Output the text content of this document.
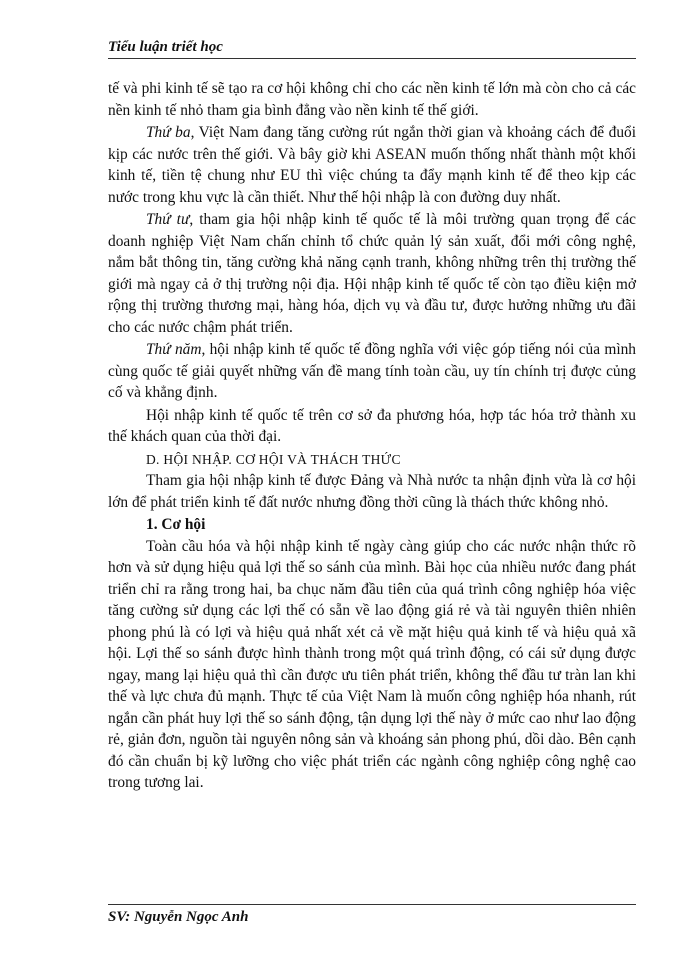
Tiểu luận triết học

tế và phi kinh tế sẽ tạo ra cơ hội không chỉ cho các nền kinh tế lớn mà còn cho cả các nền kinh tế nhỏ tham gia bình đẳng vào nền kinh tế thế giới.

Thứ ba, Việt Nam đang tăng cường rút ngắn thời gian và khoảng cách để đuổi kịp các nước trên thế giới. Và bây giờ khi ASEAN muốn thống nhất thành một khối kinh tế, tiền tệ chung như EU thì việc chúng ta đẩy mạnh kinh tế để theo kịp các nước trong khu vực là cần thiết. Như thế hội nhập là con đường duy nhất.

Thứ tư, tham gia hội nhập kinh tế quốc tế là môi trường quan trọng để các doanh nghiệp Việt Nam chấn chỉnh tổ chức quản lý sản xuất, đổi mới công nghệ, nắm bắt thông tin, tăng cường khả năng cạnh tranh, không những trên thị trường thế giới mà ngay cả ở thị trường nội địa. Hội nhập kinh tế quốc tế còn tạo điều kiện mở rộng thị trường thương mại, hàng hóa, dịch vụ và đầu tư, được hưởng những ưu đãi cho các nước chậm phát triển.

Thứ năm, hội nhập kinh tế quốc tế đồng nghĩa với việc góp tiếng nói của mình cùng quốc tế giải quyết những vấn đề mang tính toàn cầu, uy tín chính trị được củng cố và khẳng định.

Hội nhập kinh tế quốc tế trên cơ sở đa phương hóa, hợp tác hóa trở thành xu thế khách quan của thời đại.

D. HỘI NHẬP. CƠ HỘI VÀ THÁCH THỨC

Tham gia hội nhập kinh tế được Đảng và Nhà nước ta nhận định vừa là cơ hội lớn để phát triển kinh tế đất nước nhưng đồng thời cũng là thách thức không nhỏ.

1. Cơ hội

Toàn cầu hóa và hội nhập kinh tế ngày càng giúp cho các nước nhận thức rõ hơn và sử dụng hiệu quả lợi thế so sánh của mình. Bài học của nhiều nước đang phát triển chỉ ra rằng trong hai, ba chục năm đầu tiên của quá trình công nghiệp hóa việc tăng cường sử dụng các lợi thế có sẵn về lao động giá rẻ và tài nguyên thiên nhiên phong phú là có lợi và hiệu quả nhất xét cả về mặt hiệu quả kinh tế và hiệu quả xã hội. Lợi thế so sánh được hình thành trong một quá trình động, có cái sử dụng được ngay, mang lại hiệu quả thì cần được ưu tiên phát triển, không thể đầu tư tràn lan khi thế và lực chưa đủ mạnh. Thực tế của Việt Nam là muốn công nghiệp hóa nhanh, rút ngắn cần phát huy lợi thế so sánh động, tận dụng lợi thế này ở mức cao như lao động rẻ, giản đơn, nguồn tài nguyên nông sản và khoáng sản phong phú, dồi dào. Bên cạnh đó cần chuẩn bị kỹ lưỡng cho việc phát triển các ngành công nghiệp công nghệ cao trong tương lai.

SV: Nguyễn Ngọc Anh
